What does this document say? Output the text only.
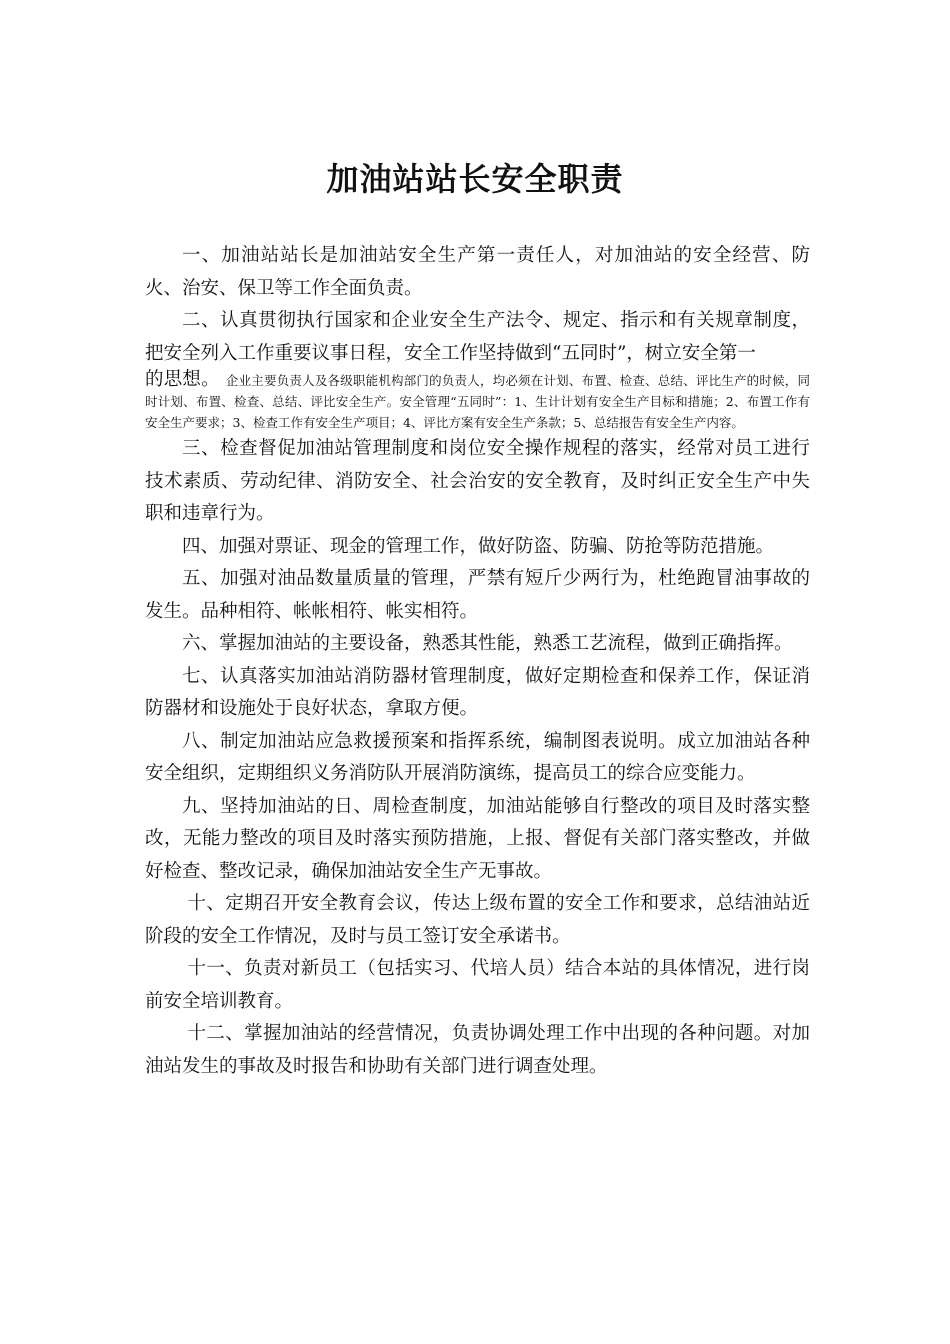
加油站站长安全职责

一、加油站站长是加油站安全生产第一责任人，对加油站的安全经营、防火、治安、保卫等工作全面负责。

二、认真贯彻执行国家和企业安全生产法令、规定、指示和有关规章制度，把安全列入工作重要议事日程，安全工作坚持做到“五同时”，树立安全第一
的思想。 企业主要负责人及各级职能机构部门的负责人，均必须在计划、布置、检查、总结、评比生产的时候，同时计划、布置、检查、总结、评比安全生产。安全管理“五同时”：1、生计计划有安全生产目标和措施；2、布置工作有安全生产要求；3、检查工作有安全生产项目；4、评比方案有安全生产条款；5、总结报告有安全生产内容。

三、检查督促加油站管理制度和岗位安全操作规程的落实，经常对员工进行技术素质、劳动纪律、消防安全、社会治安的安全教育，及时纠正安全生产中失职和违章行为。

四、加强对票证、现金的管理工作，做好防盗、防骗、防抢等防范措施。

五、加强对油品数量质量的管理，严禁有短斤少两行为，杜绝跑冒油事故的发生。品种相符、帐帐相符、帐实相符。

六、掌握加油站的主要设备，熟悉其性能，熟悉工艺流程，做到正确指挥。

七、认真落实加油站消防器材管理制度，做好定期检查和保养工作，保证消防器材和设施处于良好状态，拿取方便。

八、制定加油站应急救援预案和指挥系统，编制图表说明。成立加油站各种安全组织，定期组织义务消防队开展消防演练，提高员工的综合应变能力。

九、坚持加油站的日、周检查制度，加油站能够自行整改的项目及时落实整改，无能力整改的项目及时落实预防措施，上报、督促有关部门落实整改，并做好检查、整改记录，确保加油站安全生产无事故。

十、定期召开安全教育会议，传达上级布置的安全工作和要求，总结油站近阶段的安全工作情况，及时与员工签订安全承诺书。

十一、负责对新员工（包括实习、代培人员）结合本站的具体情况，进行岗前安全培训教育。

十二、掌握加油站的经营情况，负责协调处理工作中出现的各种问题。对加油站发生的事故及时报告和协助有关部门进行调查处理。
